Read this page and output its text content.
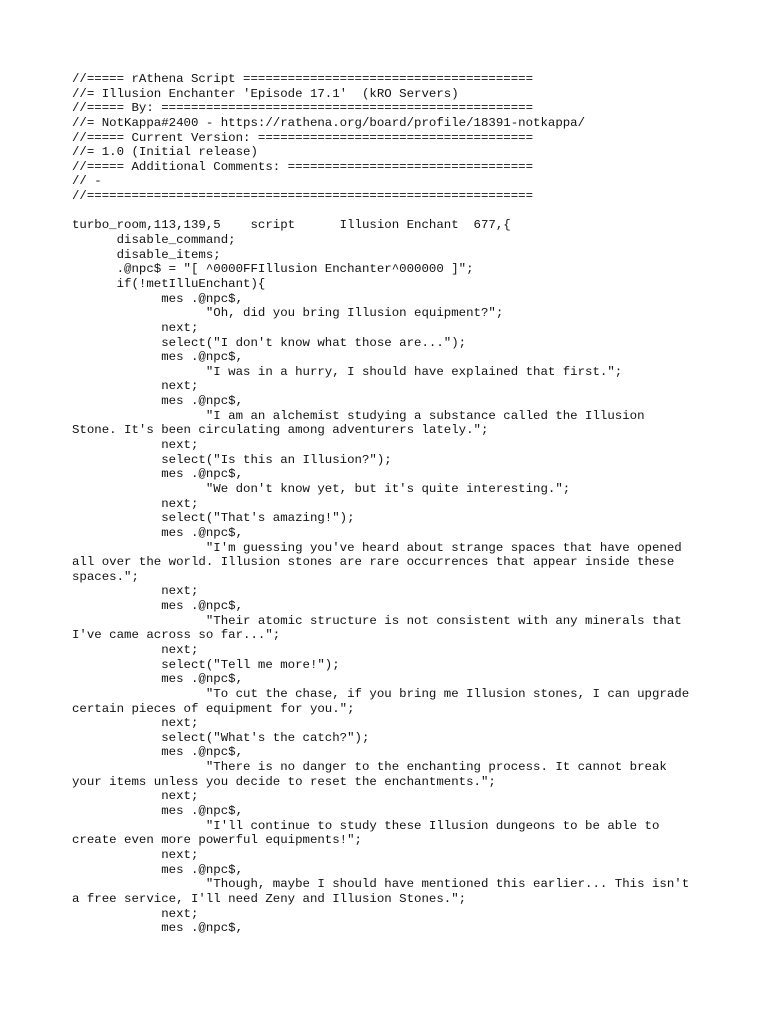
//===== rAthena Script =======================================
//= Illusion Enchanter 'Episode 17.1'  (kRO Servers)
//===== By: ==================================================
//= NotKappa#2400 - https://rathena.org/board/profile/18391-notkappa/
//===== Current Version: =====================================
//= 1.0 (Initial release)
//===== Additional Comments: =================================
// -
//============================================================
turbo_room,113,139,5    script      Illusion Enchant  677,{
disable_command;
disable_items;
.@npc$ = "[ ^0000FFIllusion Enchanter^000000 ]";
if(!metIlluEnchant){
mes .@npc$,
"Oh, did you bring Illusion equipment?";
next;
select("I don't know what those are...");
mes .@npc$,
"I was in a hurry, I should have explained that first.";
next;
mes .@npc$,
"I am an alchemist studying a substance called the Illusion
Stone. It's been circulating among adventurers lately.";
next;
select("Is this an Illusion?");
mes .@npc$,
"We don't know yet, but it's quite interesting.";
next;
select("That's amazing!");
mes .@npc$,
"I'm guessing you've heard about strange spaces that have opened
all over the world. Illusion stones are rare occurrences that appear inside these
spaces.";
next;
mes .@npc$,
"Their atomic structure is not consistent with any minerals that
I've came across so far...";
next;
select("Tell me more!");
mes .@npc$,
"To cut the chase, if you bring me Illusion stones, I can upgrade
certain pieces of equipment for you.";
next;
select("What's the catch?");
mes .@npc$,
"There is no danger to the enchanting process. It cannot break
your items unless you decide to reset the enchantments.";
next;
mes .@npc$,
"I'll continue to study these Illusion dungeons to be able to
create even more powerful equipments!";
next;
mes .@npc$,
"Though, maybe I should have mentioned this earlier... This isn't
a free service, I'll need Zeny and Illusion Stones.";
next;
mes .@npc$,
